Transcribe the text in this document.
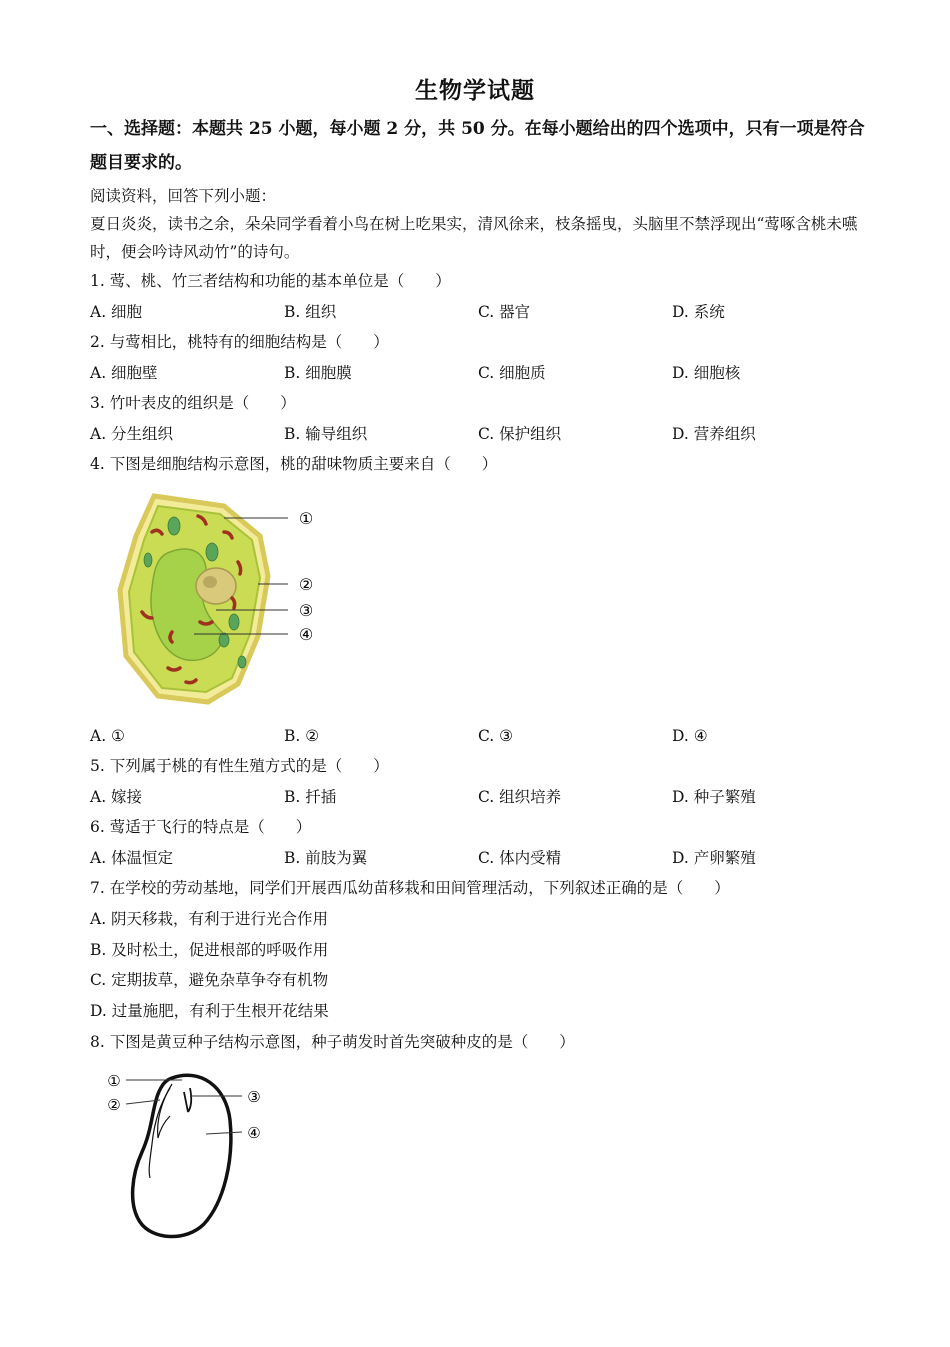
生物学试题
一、选择题：本题共 25 小题，每小题 2 分，共 50 分。在每小题给出的四个选项中，只有一项是符合题目要求的。
阅读资料，回答下列小题：
夏日炎炎，读书之余，朵朵同学看着小鸟在树上吃果实，清风徐来，枝条摇曳，头脑里不禁浮现出“莺啄含桃未嚥时，便会吟诗风动竹”的诗句。
1. 莺、桃、竹三者结构和功能的基本单位是（　　）
A. 细胞	B. 组织	C. 器官	D. 系统
2. 与莺相比，桃特有的细胞结构是（　　）
A. 细胞壁	B. 细胞膜	C. 细胞质	D. 细胞核
3. 竹叶表皮的组织是（　　）
A. 分生组织	B. 输导组织	C. 保护组织	D. 营养组织
4. 下图是细胞结构示意图，桃的甜味物质主要来自（　　）
①
②
③
④
A. ①	B. ②	C. ③	D. ④
5. 下列属于桃的有性生殖方式的是（　　）
A. 嫁接	B. 扦插	C. 组织培养	D. 种子繁殖
6. 莺适于飞行的特点是（　　）
A. 体温恒定	B. 前肢为翼	C. 体内受精	D. 产卵繁殖
7. 在学校的劳动基地，同学们开展西瓜幼苗移栽和田间管理活动，下列叙述正确的是（　　）
A. 阴天移栽，有利于进行光合作用
B. 及时松土，促进根部的呼吸作用
C. 定期拔草，避免杂草争夺有机物
D. 过量施肥，有利于生根开花结果
8. 下图是黄豆种子结构示意图，种子萌发时首先突破种皮的是（　　）
①
②	③
④
